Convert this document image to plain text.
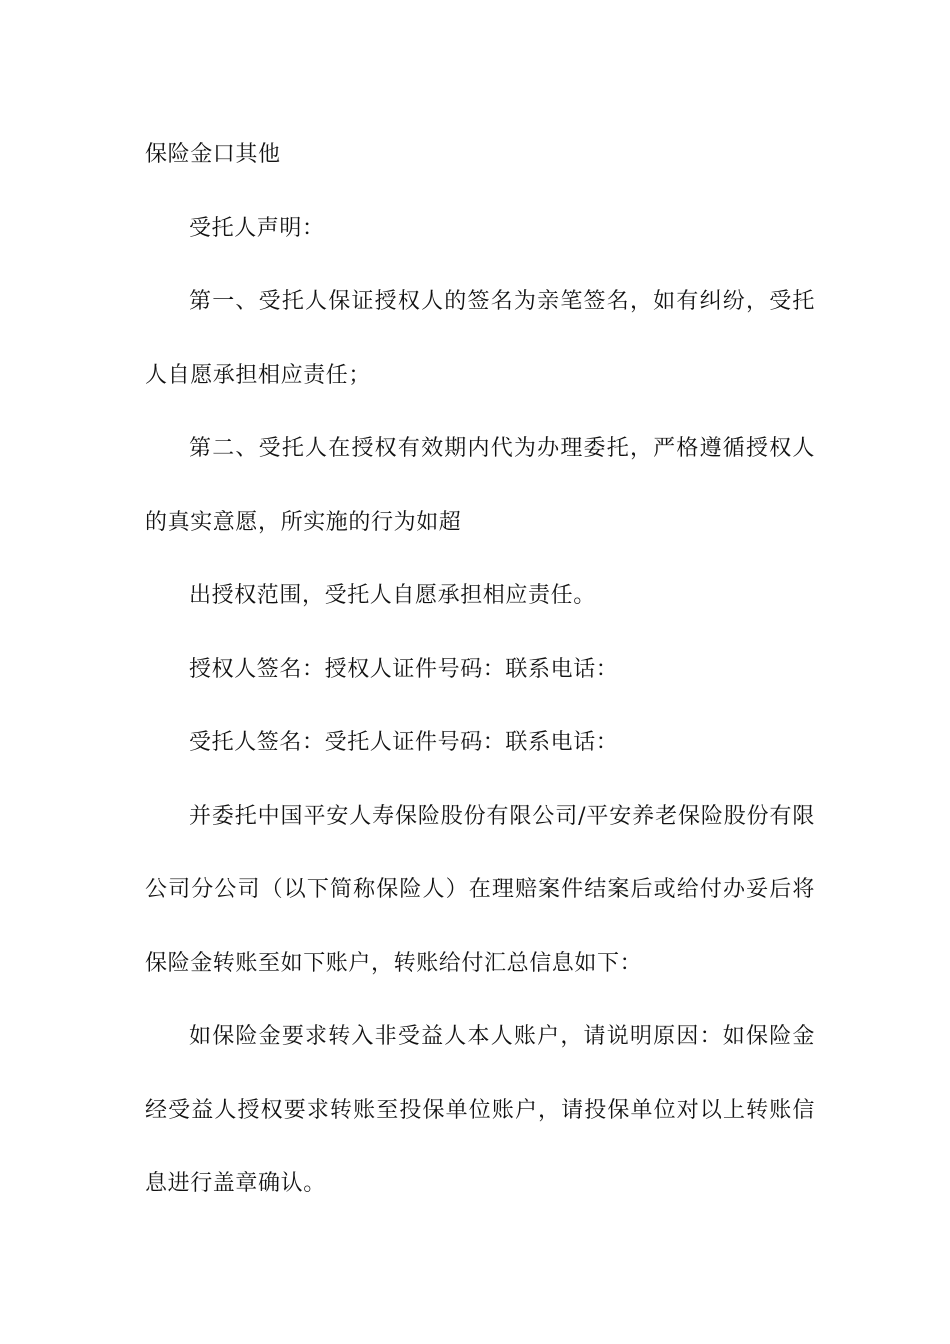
保险金口其他

受托人声明：

第一、受托人保证授权人的签名为亲笔签名，如有纠纷，受托

人自愿承担相应责任；

第二、受托人在授权有效期内代为办理委托，严格遵循授权人

的真实意愿，所实施的行为如超

出授权范围，受托人自愿承担相应责任。

授权人签名：授权人证件号码：联系电话：

受托人签名：受托人证件号码：联系电话：

并委托中国平安人寿保险股份有限公司/平安养老保险股份有限

公司分公司（以下简称保险人）在理赔案件结案后或给付办妥后将

保险金转账至如下账户，转账给付汇总信息如下：

如保险金要求转入非受益人本人账户，请说明原因：如保险金

经受益人授权要求转账至投保单位账户，请投保单位对以上转账信

息进行盖章确认。
